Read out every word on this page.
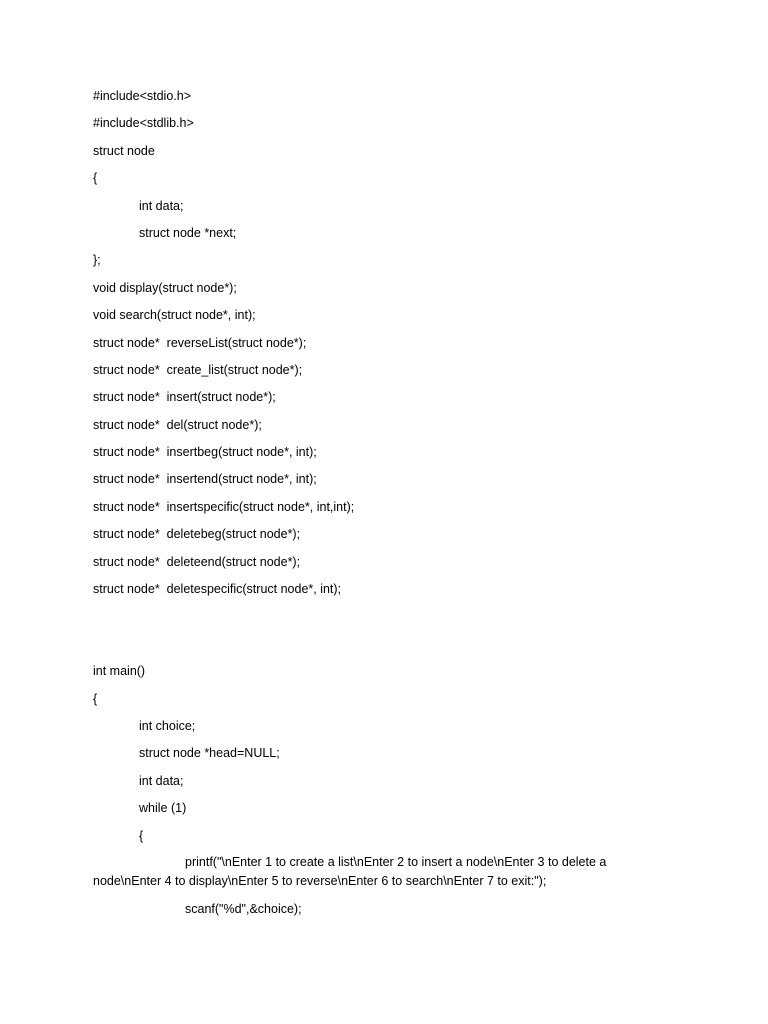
#include<stdio.h>
#include<stdlib.h>
struct node
{
int data;
struct node *next;
};
void display(struct node*);
void search(struct node*, int);
struct node*  reverseList(struct node*);
struct node*  create_list(struct node*);
struct node*  insert(struct node*);
struct node*  del(struct node*);
struct node*  insertbeg(struct node*, int);
struct node*  insertend(struct node*, int);
struct node*  insertspecific(struct node*, int,int);
struct node*  deletebeg(struct node*);
struct node*  deleteend(struct node*);
struct node*  deletespecific(struct node*, int);
int main()
{
int choice;
struct node *head=NULL;
int data;
while (1)
{
printf("\nEnter 1 to create a list\nEnter 2 to insert a node\nEnter 3 to delete a node\nEnter 4 to display\nEnter 5 to reverse\nEnter 6 to search\nEnter 7 to exit:");
scanf("%d",&choice);
